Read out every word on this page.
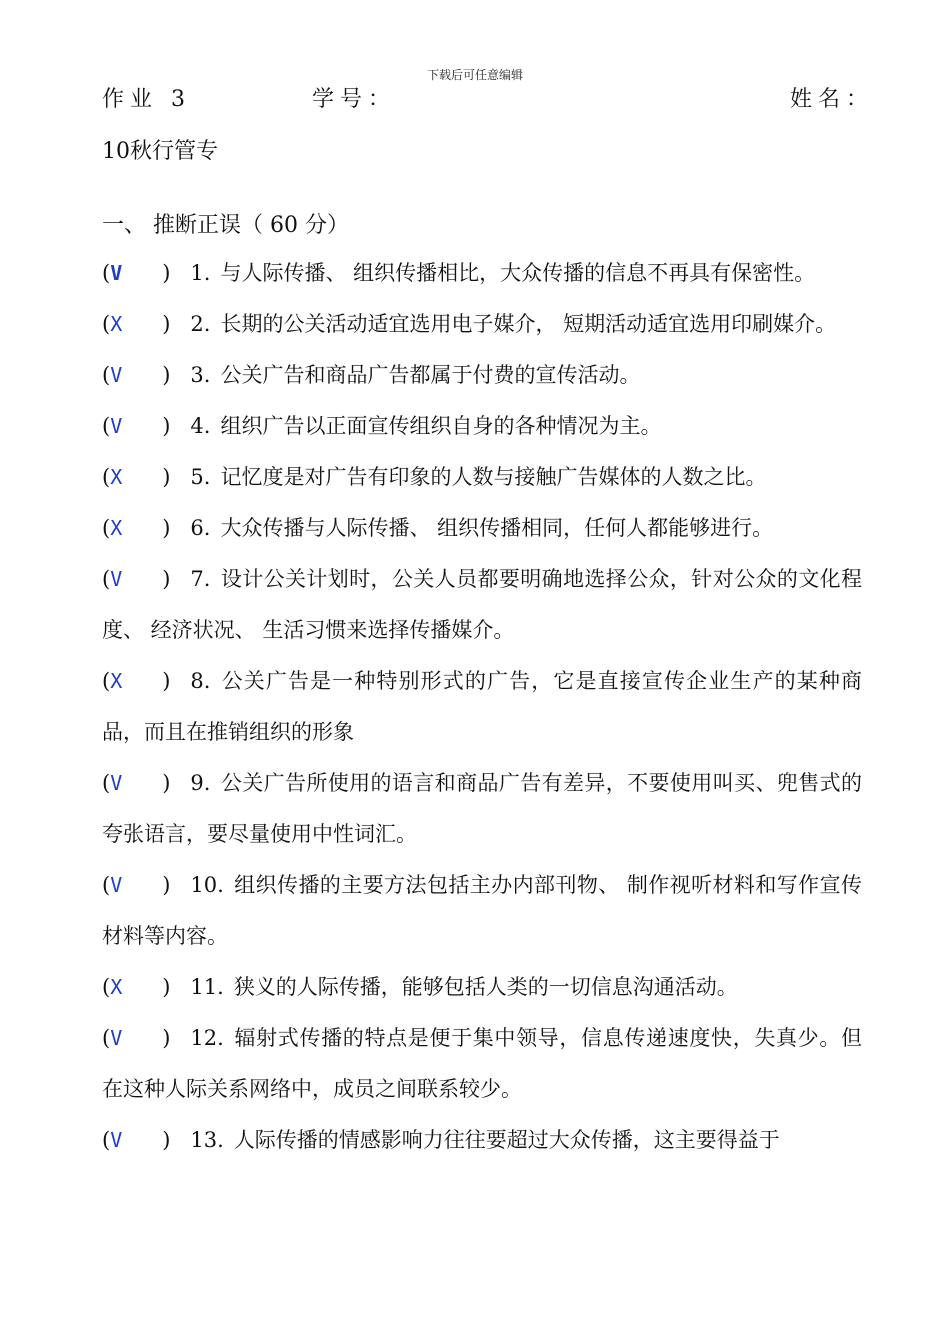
下载后可任意编辑
作业 3	学号：	姓名：
10秋行管专
一、 推断正误（ 60 分）
(V ) 1. 与人际传播、 组织传播相比，大众传播的信息不再具有保密性。
(X ) 2. 长期的公关活动适宜选用电子媒介， 短期活动适宜选用印刷媒介。
(V ) 3. 公关广告和商品广告都属于付费的宣传活动。
(V ) 4. 组织广告以正面宣传组织自身的各种情况为主。
(X ) 5. 记忆度是对广告有印象的人数与接触广告媒体的人数之比。
(X ) 6. 大众传播与人际传播、 组织传播相同，任何人都能够进行。
(V ) 7. 设计公关计划时，公关人员都要明确地选择公众，针对公众的文化程度、 经济状况、 生活习惯来选择传播媒介。
(X ) 8. 公关广告是一种特别形式的广告，它是直接宣传企业生产的某种商品，而且在推销组织的形象
(V ) 9. 公关广告所使用的语言和商品广告有差异，不要使用叫买、兜售式的夸张语言，要尽量使用中性词汇。
(V ) 10. 组织传播的主要方法包括主办内部刊物、 制作视听材料和写作宣传材料等内容。
(X ) 11. 狭义的人际传播，能够包括人类的一切信息沟通活动。
(V ) 12. 辐射式传播的特点是便于集中领导，信息传递速度快，失真少。但在这种人际关系网络中，成员之间联系较少。
(V ) 13. 人际传播的情感影响力往往要超过大众传播，这主要得益于
